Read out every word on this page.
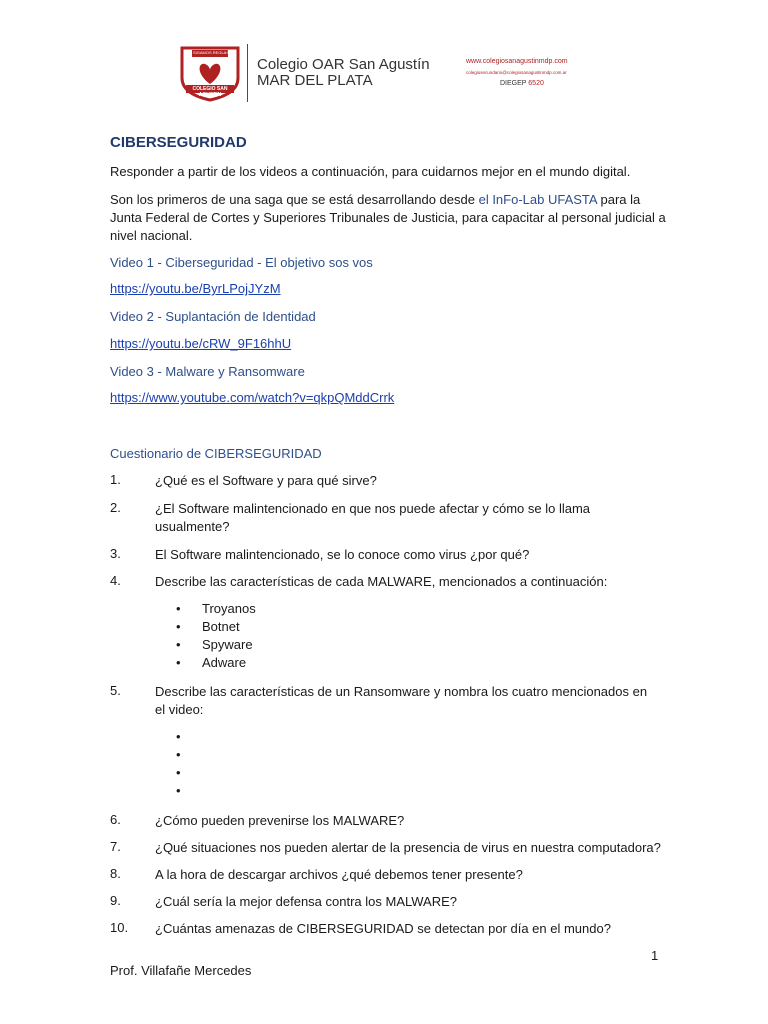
SIGAMOS REGLAS
COLEGIO SAN AGUSTIN
Colegio OAR San Agustín
MAR DEL PLATA
www.colegiosanagustinmdp.com
colegiosecundario@colegiosanagustinmdp.com.ar
DIEGEP 6520
CIBERSEGURIDAD
Responder a partir de los videos a continuación, para cuidarnos mejor en el mundo digital.
Son los primeros de una saga que se está desarrollando desde el InFo-Lab UFASTA para la
Junta Federal de Cortes y Superiores Tribunales de Justicia, para capacitar al personal judicial a
nivel nacional.
Video 1 - Ciberseguridad - El objetivo sos vos
https://youtu.be/ByrLPojJYzM
Video 2 - Suplantación de Identidad
https://youtu.be/cRW_9F16hhU
Video 3 - Malware y Ransomware
https://www.youtube.com/watch?v=qkpQMddCrrk
Cuestionario de CIBERSEGURIDAD
1.	¿Qué es el Software y para qué sirve?
2.	¿El Software malintencionado en que nos puede afectar y cómo se lo llama usualmente?
3.	El Software malintencionado, se lo conoce como virus ¿por qué?
4.	Describe las características de cada MALWARE, mencionados a continuación:
• Troyanos
• Botnet
• Spyware
• Adware
5.	Describe las características de un Ransomware y nombra los cuatro mencionados en el video:
•
•
•
•
6.	¿Cómo pueden prevenirse los MALWARE?
7.	¿Qué situaciones nos pueden alertar de la presencia de virus en nuestra computadora?
8.	A la hora de descargar archivos ¿qué debemos tener presente?
9.	¿Cuál sería la mejor defensa contra los MALWARE?
10. ¿Cuántas amenazas de CIBERSEGURIDAD se detectan por día en el mundo?
1
Prof. Villafañe Mercedes
